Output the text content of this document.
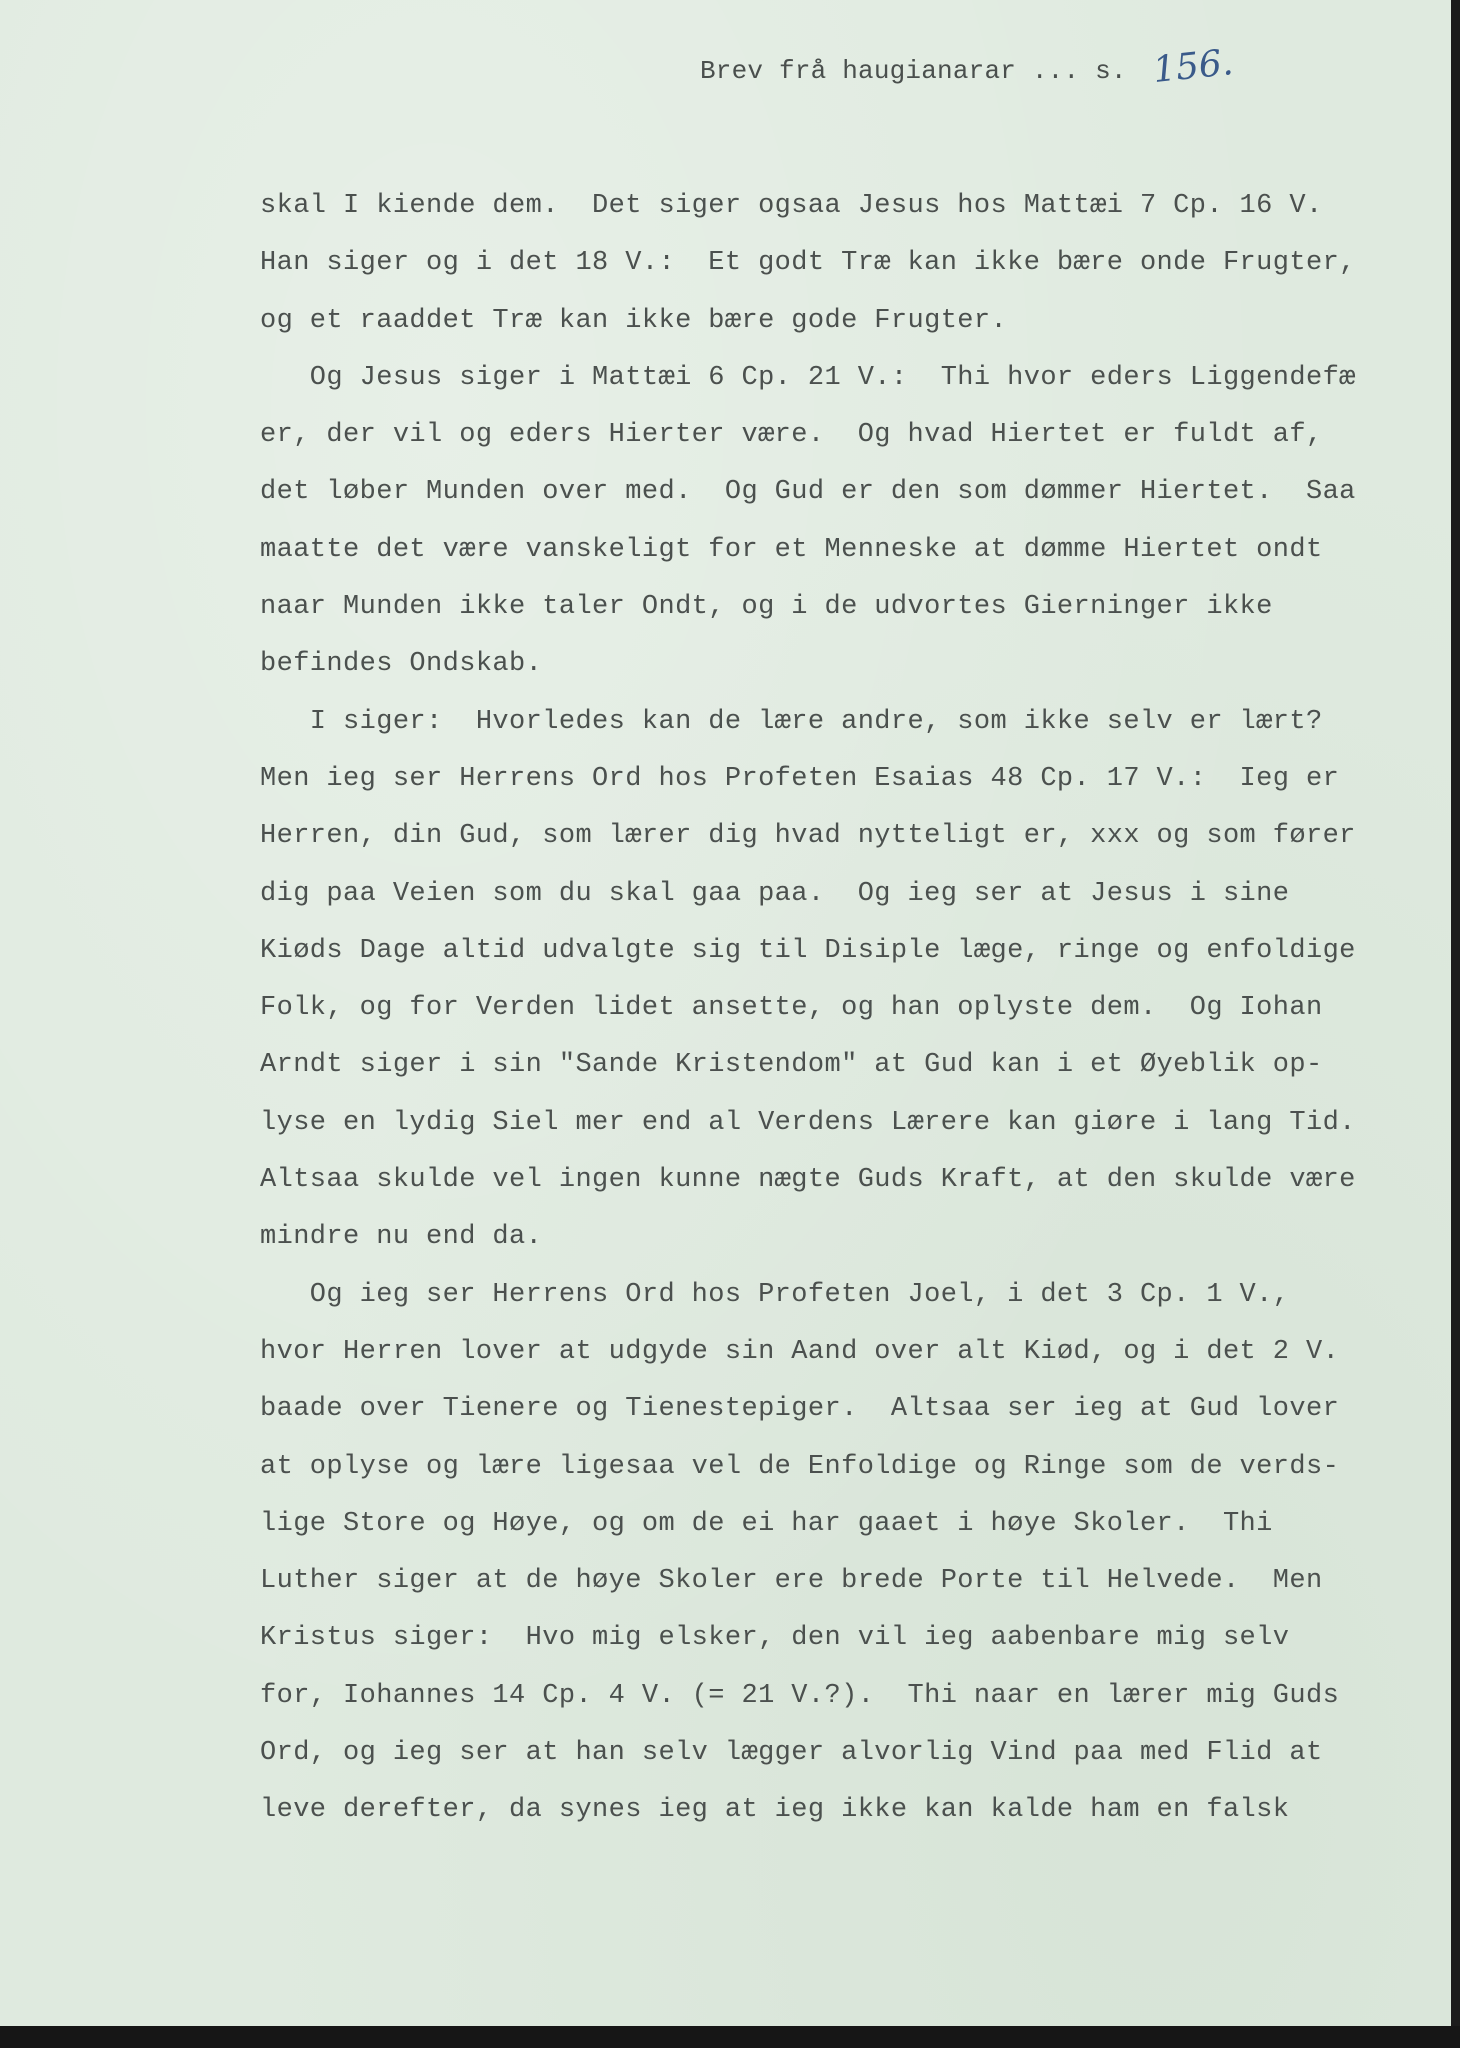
Brev frå haugianarar ... s. 156.
skal I kiende dem.  Det siger ogsaa Jesus hos Mattæi 7 Cp. 16 V.
Han siger og i det 18 V.:  Et godt Træ kan ikke bære onde Frugter,
og et raaddet Træ kan ikke bære gode Frugter.
Og Jesus siger i Mattæi 6 Cp. 21 V.:  Thi hvor eders Liggendefæ
er, der vil og eders Hierter være.  Og hvad Hiertet er fuldt af,
det løber Munden over med.  Og Gud er den som dømmer Hiertet.  Saa
maatte det være vanskeligt for et Menneske at dømme Hiertet ondt
naar Munden ikke taler Ondt, og i de udvortes Gierninger ikke
befindes Ondskab.
I siger:  Hvorledes kan de lære andre, som ikke selv er lært?
Men ieg ser Herrens Ord hos Profeten Esaias 48 Cp. 17 V.:  Ieg er
Herren, din Gud, som lærer dig hvad nytteligt er, xxx og som fører
dig paa Veien som du skal gaa paa.  Og ieg ser at Jesus i sine
Kiøds Dage altid udvalgte sig til Disiple læge, ringe og enfoldige
Folk, og for Verden lidet ansette, og han oplyste dem.  Og Iohan
Arndt siger i sin "Sande Kristendom" at Gud kan i et Øyeblik op-
lyse en lydig Siel mer end al Verdens Lærere kan giøre i lang Tid.
Altsaa skulde vel ingen kunne nægte Guds Kraft, at den skulde være
mindre nu end da.
Og ieg ser Herrens Ord hos Profeten Joel, i det 3 Cp. 1 V.,
hvor Herren lover at udgyde sin Aand over alt Kiød, og i det 2 V.
baade over Tienere og Tienestepiger.  Altsaa ser ieg at Gud lover
at oplyse og lære ligesaa vel de Enfoldige og Ringe som de verds-
lige Store og Høye, og om de ei har gaaet i høye Skoler.  Thi
Luther siger at de høye Skoler ere brede Porte til Helvede.  Men
Kristus siger:  Hvo mig elsker, den vil ieg aabenbare mig selv
for, Iohannes 14 Cp. 4 V. (= 21 V.?).  Thi naar en lærer mig Guds
Ord, og ieg ser at han selv lægger alvorlig Vind paa med Flid at
leve derefter, da synes ieg at ieg ikke kan kalde ham en falsk
